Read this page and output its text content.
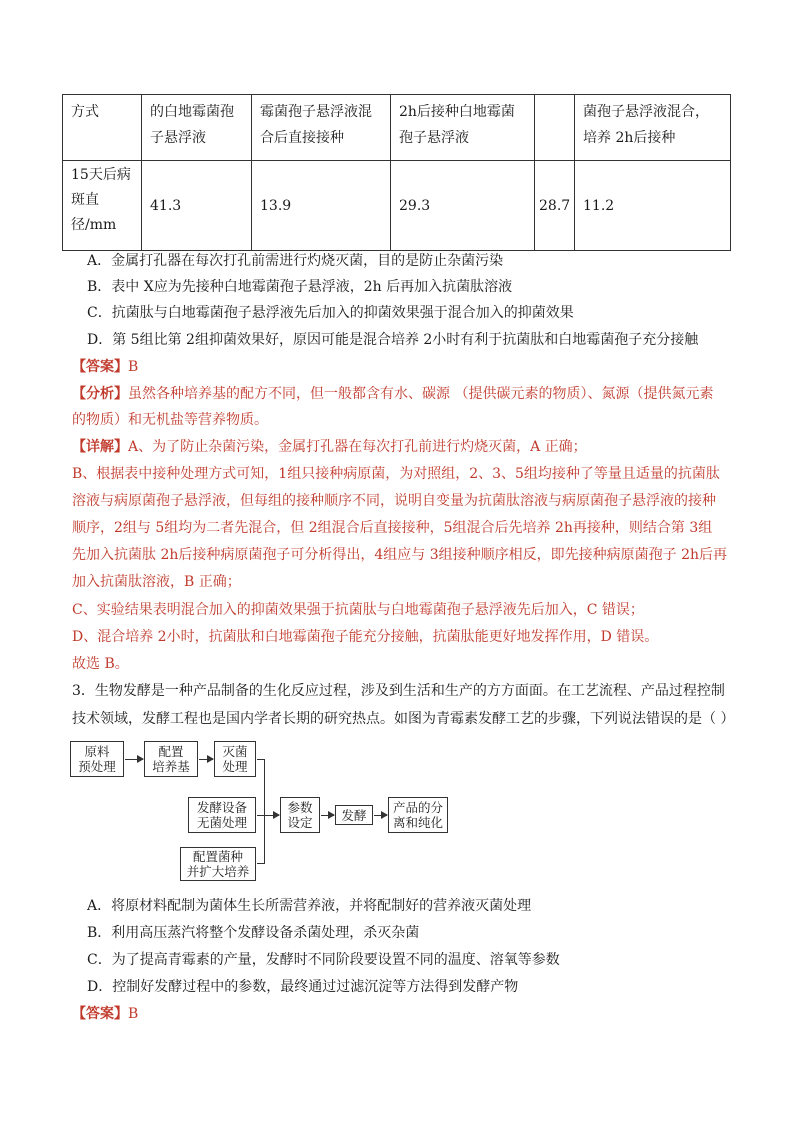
方式	的白地霉菌孢子悬浮液	霉菌孢子悬浮液混合后直接接种	2h后接种白地霉菌孢子悬浮液		菌孢子悬浮液混合，培养 2h后接种
15天后病斑直径/mm	41.3	13.9	29.3	28.7	11.2
A．金属打孔器在每次打孔前需进行灼烧灭菌，目的是防止杂菌污染
B．表中 X应为先接种白地霉菌孢子悬浮液，2h 后再加入抗菌肽溶液
C．抗菌肽与白地霉菌孢子悬浮液先后加入的抑菌效果强于混合加入的抑菌效果
D．第 5组比第 2组抑菌效果好，原因可能是混合培养 2小时有利于抗菌肽和白地霉菌孢子充分接触
【答案】B
【分析】虽然各种培养基的配方不同，但一般都含有水、碳源 （提供碳元素的物质）、氮源（提供氮元素
的物质）和无机盐等营养物质。
【详解】A、为了防止杂菌污染，金属打孔器在每次打孔前进行灼烧灭菌，A 正确；
B、根据表中接种处理方式可知，1组只接种病原菌，为对照组，2、3、5组均接种了等量且适量的抗菌肽
溶液与病原菌孢子悬浮液，但每组的接种顺序不同，说明自变量为抗菌肽溶液与病原菌孢子悬浮液的接种
顺序，2组与 5组均为二者先混合，但 2组混合后直接接种，5组混合后先培养 2h再接种，则结合第 3组
先加入抗菌肽 2h后接种病原菌孢子可分析得出，4组应与 3组接种顺序相反，即先接种病原菌孢子 2h后再
加入抗菌肽溶液，B 正确；
C、实验结果表明混合加入的抑菌效果强于抗菌肽与白地霉菌孢子悬浮液先后加入，C 错误；
D、混合培养 2小时，抗菌肽和白地霉菌孢子能充分接触，抗菌肽能更好地发挥作用，D 错误。
故选 B。
3．生物发酵是一种产品制备的生化反应过程，涉及到生活和生产的方方面面。在工艺流程、产品过程控制
技术领域，发酵工程也是国内学者长期的研究热点。如图为青霉素发酵工艺的步骤，下列说法错误的是（ ）
原料
预处理
配置
培养基
灭菌
处理
发酵设备
无菌处理
配置菌种
并扩大培养
参数
设定 发酵 产品的分
离和纯化
A．将原材料配制为菌体生长所需营养液，并将配制好的营养液灭菌处理
B．利用高压蒸汽将整个发酵设备杀菌处理，杀灭杂菌
C．为了提高青霉素的产量，发酵时不同阶段要设置不同的温度、溶氧等参数
D．控制好发酵过程中的参数，最终通过过滤沉淀等方法得到发酵产物
【答案】B
